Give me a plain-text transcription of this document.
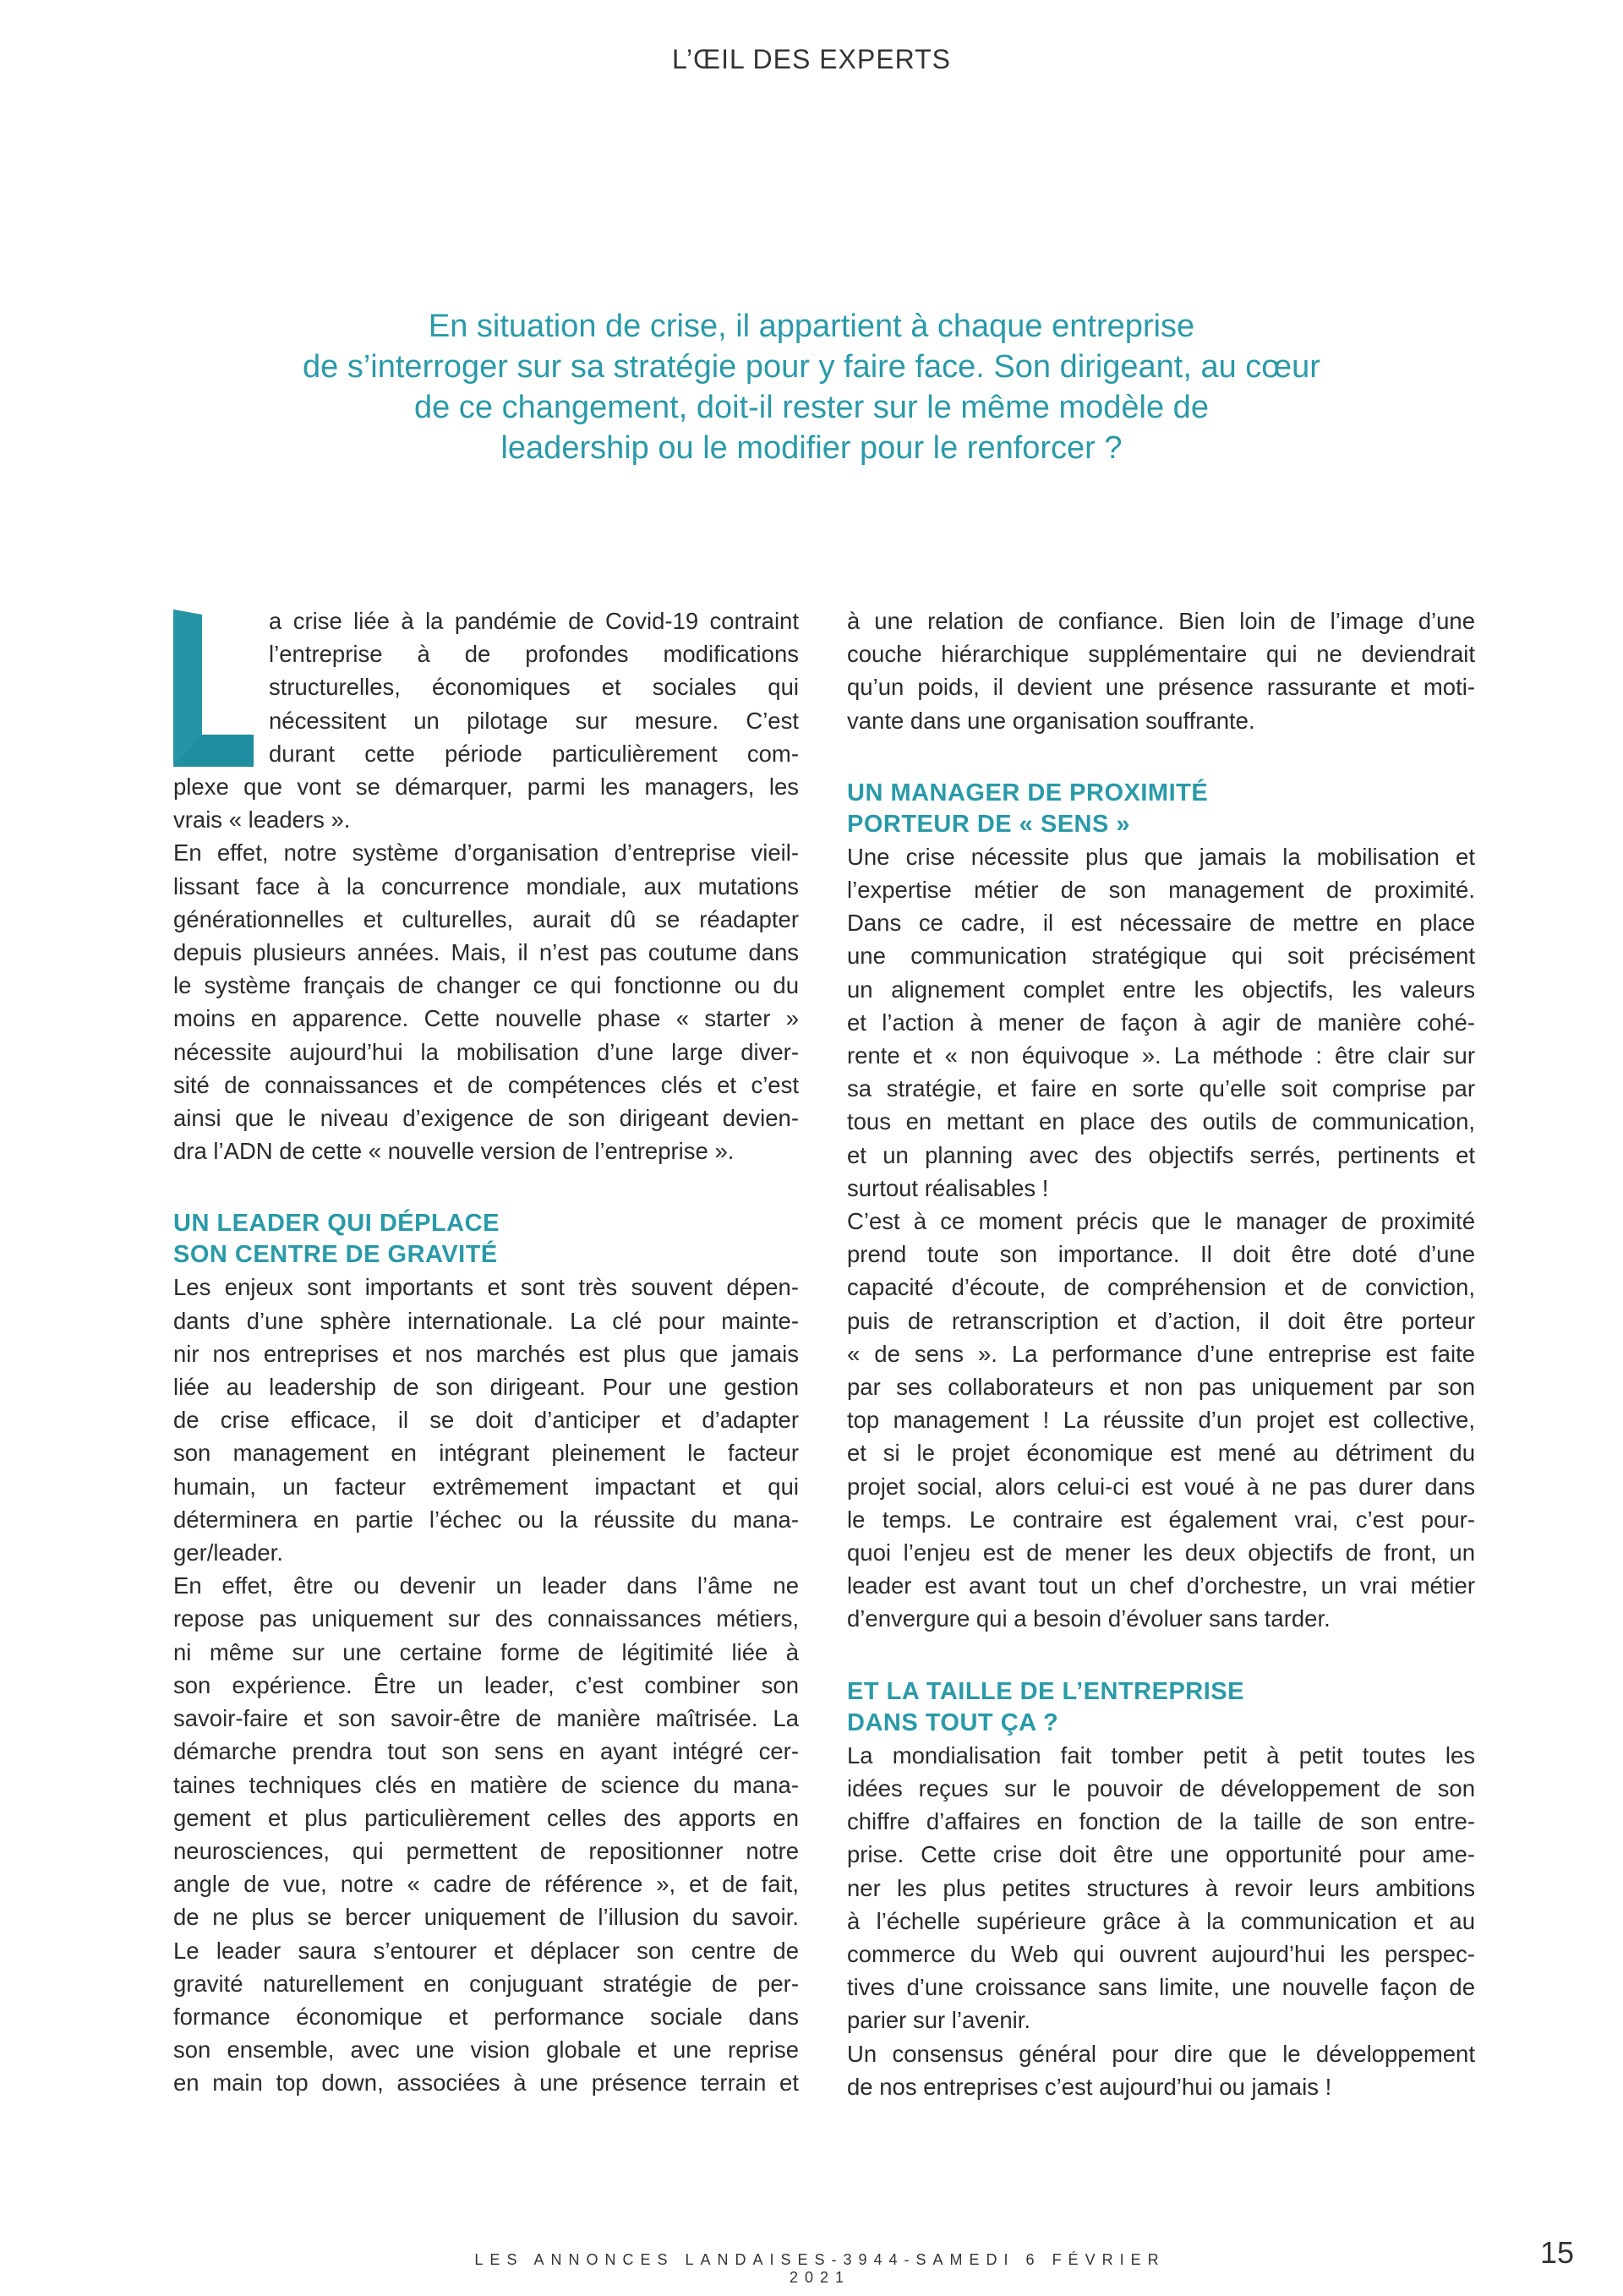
L’ŒIL DES EXPERTS
En situation de crise, il appartient à chaque entreprise
de s’interroger sur sa stratégie pour y faire face. Son dirigeant, au cœur
de ce changement, doit-il rester sur le même modèle de
leadership ou le modifier pour le renforcer ?
a crise liée à la pandémie de Covid-19 contraint
l’entreprise à de profondes modifications
structurelles, économiques et sociales qui
nécessitent un pilotage sur mesure. C’est
durant cette période particulièrement com-
plexe que vont se démarquer, parmi les managers, les
vrais « leaders ».
En effet, notre système d’organisation d’entreprise vieil-
lissant face à la concurrence mondiale, aux mutations
générationnelles et culturelles, aurait dû se réadapter
depuis plusieurs années. Mais, il n’est pas coutume dans
le système français de changer ce qui fonctionne ou du
moins en apparence. Cette nouvelle phase « starter »
nécessite aujourd’hui la mobilisation d’une large diver-
sité de connaissances et de compétences clés et c’est
ainsi que le niveau d’exigence de son dirigeant devien-
dra l’ADN de cette « nouvelle version de l’entreprise ».
UN LEADER QUI DÉPLACE
SON CENTRE DE GRAVITÉ
Les enjeux sont importants et sont très souvent dépen-
dants d’une sphère internationale. La clé pour mainte-
nir nos entreprises et nos marchés est plus que jamais
liée au leadership de son dirigeant. Pour une gestion
de crise efficace, il se doit d’anticiper et d’adapter
son management en intégrant pleinement le facteur
humain, un facteur extrêmement impactant et qui
déterminera en partie l’échec ou la réussite du mana-
ger/leader.
En effet, être ou devenir un leader dans l’âme ne
repose pas uniquement sur des connaissances métiers,
ni même sur une certaine forme de légitimité liée à
son expérience. Être un leader, c’est combiner son
savoir-faire et son savoir-être de manière maîtrisée. La
démarche prendra tout son sens en ayant intégré cer-
taines techniques clés en matière de science du mana-
gement et plus particulièrement celles des apports en
neurosciences, qui permettent de repositionner notre
angle de vue, notre « cadre de référence », et de fait,
de ne plus se bercer uniquement de l’illusion du savoir.
Le leader saura s’entourer et déplacer son centre de
gravité naturellement en conjuguant stratégie de per-
formance économique et performance sociale dans
son ensemble, avec une vision globale et une reprise
en main top down, associées à une présence terrain et
à une relation de confiance. Bien loin de l’image d’une
couche hiérarchique supplémentaire qui ne deviendrait
qu’un poids, il devient une présence rassurante et moti-
vante dans une organisation souffrante.
UN MANAGER DE PROXIMITÉ
PORTEUR DE « SENS »
Une crise nécessite plus que jamais la mobilisation et
l’expertise métier de son management de proximité.
Dans ce cadre, il est nécessaire de mettre en place
une communication stratégique qui soit précisément
un alignement complet entre les objectifs, les valeurs
et l’action à mener de façon à agir de manière cohé-
rente et « non équivoque ». La méthode : être clair sur
sa stratégie, et faire en sorte qu’elle soit comprise par
tous en mettant en place des outils de communication,
et un planning avec des objectifs serrés, pertinents et
surtout réalisables !
C’est à ce moment précis que le manager de proximité
prend toute son importance. Il doit être doté d’une
capacité d’écoute, de compréhension et de conviction,
puis de retranscription et d’action, il doit être porteur
« de sens ». La performance d’une entreprise est faite
par ses collaborateurs et non pas uniquement par son
top management ! La réussite d’un projet est collective,
et si le projet économique est mené au détriment du
projet social, alors celui-ci est voué à ne pas durer dans
le temps. Le contraire est également vrai, c’est pour-
quoi l’enjeu est de mener les deux objectifs de front, un
leader est avant tout un chef d’orchestre, un vrai métier
d’envergure qui a besoin d’évoluer sans tarder.
ET LA TAILLE DE L’ENTREPRISE
DANS TOUT ÇA ?
La mondialisation fait tomber petit à petit toutes les
idées reçues sur le pouvoir de développement de son
chiffre d’affaires en fonction de la taille de son entre-
prise. Cette crise doit être une opportunité pour ame-
ner les plus petites structures à revoir leurs ambitions
à l’échelle supérieure grâce à la communication et au
commerce du Web qui ouvrent aujourd’hui les perspec-
tives d’une croissance sans limite, une nouvelle façon de
parier sur l’avenir.
Un consensus général pour dire que le développement
de nos entreprises c’est aujourd’hui ou jamais !
LES ANNONCES LANDAISES-3944-SAMEDI 6 FÉVRIER 2021
15
